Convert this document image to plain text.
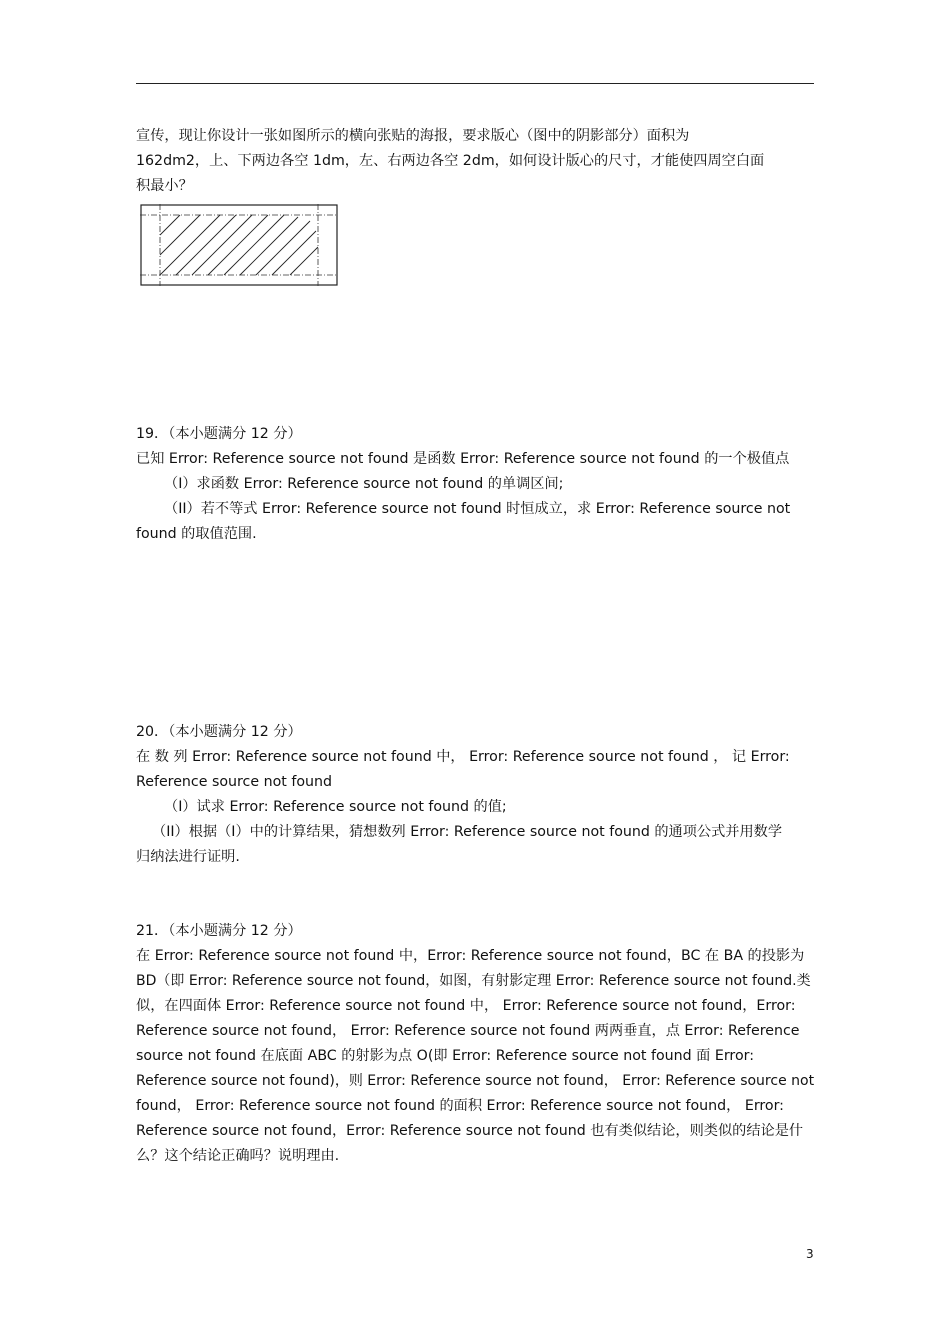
宣传，现让你设计一张如图所示的横向张贴的海报，要求版心（图中的阴影部分）面积为
162dm2，上、下两边各空 1dm，左、右两边各空 2dm，如何设计版心的尺寸，才能使四周空白面
积最小？
19．（本小题满分 12 分）
已知 Error: Reference source not found 是函数 Error: Reference source not found 的一个极值点
（I）求函数 Error: Reference source not found 的单调区间;
（II）若不等式 Error: Reference source not found 时恒成立，求 Error: Reference source not
found 的取值范围.
20．（本小题满分 12 分）
在 数 列 Error: Reference source not found 中， Error: Reference source not found ， 记 Error:
Reference source not found
（I）试求 Error: Reference source not found 的值;
（II）根据（I）中的计算结果，猜想数列 Error: Reference source not found 的通项公式并用数学
归纳法进行证明.
21．（本小题满分 12 分）
在 Error: Reference source not found 中，Error: Reference source not found，BC 在 BA 的投影为
BD（即 Error: Reference source not found，如图，有射影定理 Error: Reference source not found.类
似，在四面体 Error: Reference source not found 中， Error: Reference source not found，Error:
Reference source not found， Error: Reference source not found 两两垂直，点 Error: Reference
source not found 在底面 ABC 的射影为点 O(即 Error: Reference source not found 面 Error:
Reference source not found)，则 Error: Reference source not found， Error: Reference source not
found， Error: Reference source not found 的面积 Error: Reference source not found， Error:
Reference source not found，Error: Reference source not found 也有类似结论，则类似的结论是什
么？这个结论正确吗？说明理由.
3
